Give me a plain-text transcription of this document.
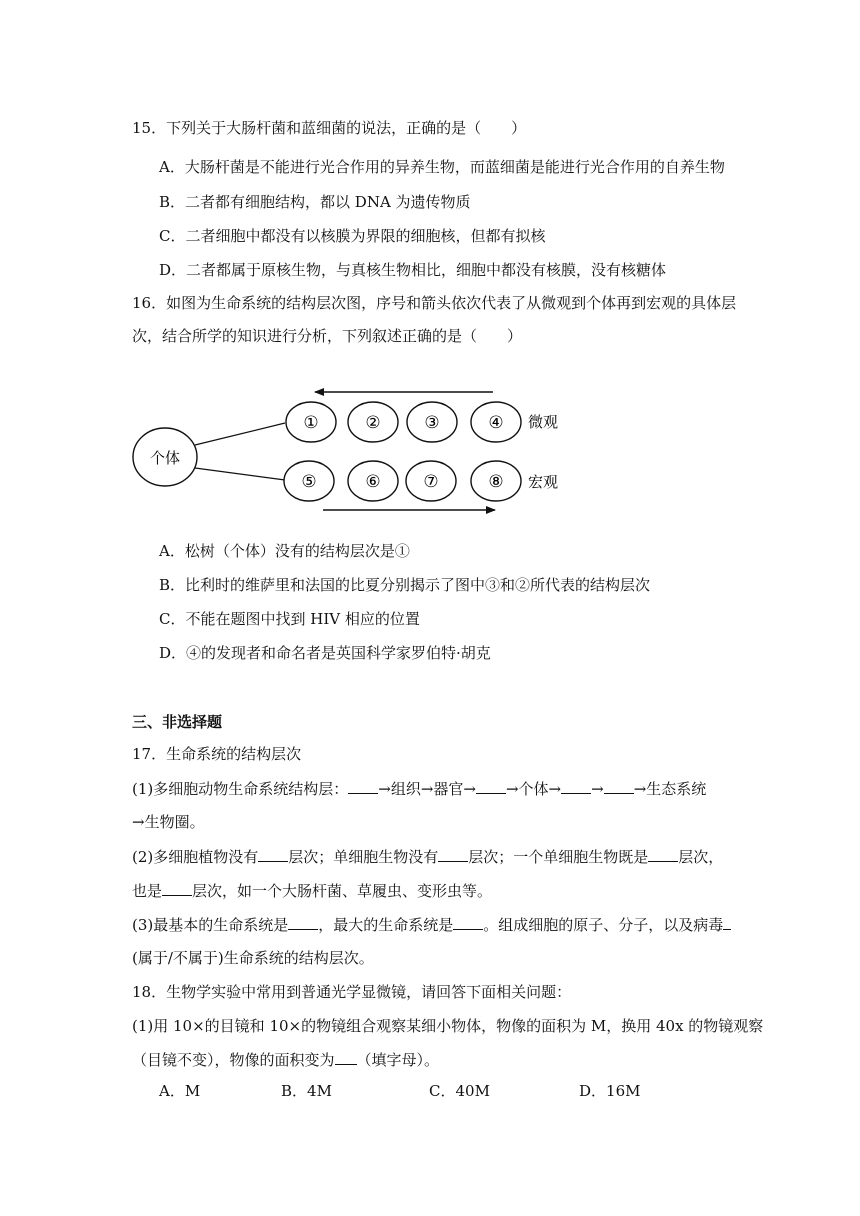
15．下列关于大肠杆菌和蓝细菌的说法，正确的是（　　）
A．大肠杆菌是不能进行光合作用的异养生物，而蓝细菌是能进行光合作用的自养生物
B．二者都有细胞结构，都以 DNA 为遗传物质
C．二者细胞中都没有以核膜为界限的细胞核，但都有拟核
D．二者都属于原核生物，与真核生物相比，细胞中都没有核膜，没有核糖体
16．如图为生命系统的结构层次图，序号和箭头依次代表了从微观到个体再到宏观的具体层
次，结合所学的知识进行分析，下列叙述正确的是（　　）
个体
①	②	③	④ 微观
⑤	⑥	⑦	⑧ 宏观
A．松树（个体）没有的结构层次是①
B．比利时的维萨里和法国的比夏分别揭示了图中③和②所代表的结构层次
C．不能在题图中找到 HIV 相应的位置
D．④的发现者和命名者是英国科学家罗伯特·胡克
三、非选择题
17．生命系统的结构层次
(1)多细胞动物生命系统结构层： →组织→器官→ →个体→ → →生态系统
→生物圈。
(2)多细胞植物没有 层次；单细胞生物没有 层次；一个单细胞生物既是 层次，
也是 层次，如一个大肠杆菌、草履虫、变形虫等。
(3)最基本的生命系统是 ，最大的生命系统是 。组成细胞的原子、分子，以及病毒
(属于/不属于)生命系统的结构层次。
18．生物学实验中常用到普通光学显微镜，请回答下面相关问题：
(1)用 10×的目镜和 10×的物镜组合观察某细小物体，物像的面积为 M，换用 40x 的物镜观察
（目镜不变），物像的面积变为 （填字母）。
A．M	B．4M	C．40M	D．16M
